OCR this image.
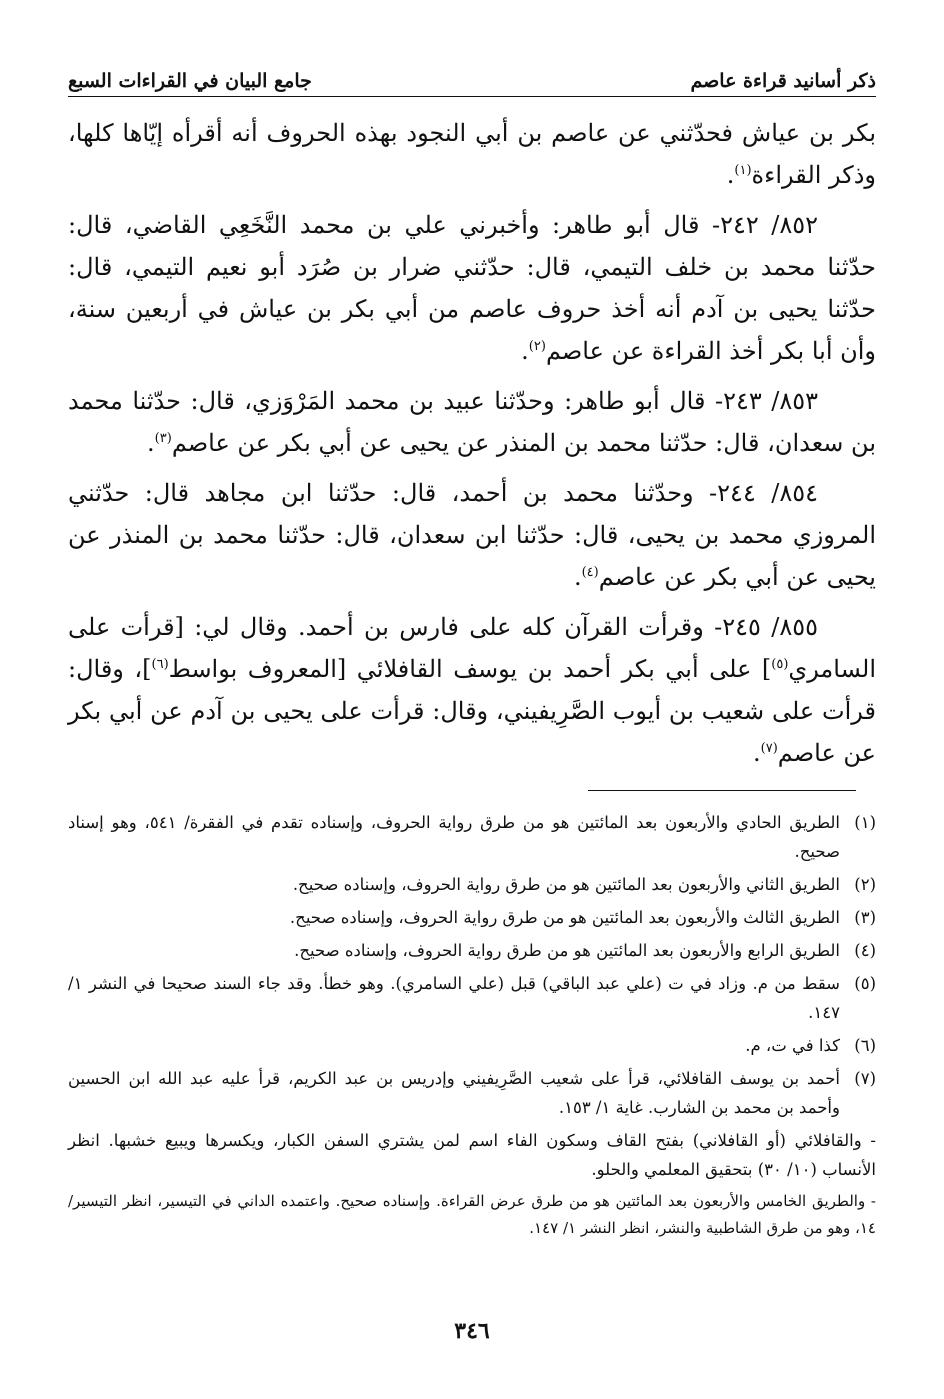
ذكر أسانيد قراءة عاصم
جامع البيان في القراءات السبع

بكر بن عياش فحدّثني عن عاصم بن أبي النجود بهذه الحروف أنه أقرأه إيّاها كلها، وذكر القراءة$^{(١)}$.

٨٥٢/ ٢٤٢- قال أبو طاهر: وأخبرني علي بن محمد النَّخَعِي القاضي، قال: حدّثنا محمد بن خلف التيمي، قال: حدّثني ضرار بن صُرَد أبو نعيم التيمي، قال: حدّثنا يحيى بن آدم أنه أخذ حروف عاصم من أبي بكر بن عياش في أربعين سنة، وأن أبا بكر أخذ القراءة عن عاصم$^{(٢)}$.

٨٥٣/ ٢٤٣- قال أبو طاهر: وحدّثنا عبيد بن محمد المَرْوَزي، قال: حدّثنا محمد بن سعدان، قال: حدّثنا محمد بن المنذر عن يحيى عن أبي بكر عن عاصم$^{(٣)}$.

٨٥٤/ ٢٤٤- وحدّثنا محمد بن أحمد، قال: حدّثنا ابن مجاهد قال: حدّثني المروزي محمد بن يحيى، قال: حدّثنا ابن سعدان، قال: حدّثنا محمد بن المنذر عن يحيى عن أبي بكر عن عاصم$^{(٤)}$.

٨٥٥/ ٢٤٥- وقرأت القرآن كله على فارس بن أحمد. وقال لي: [قرأت على السامري$^{(٥)}$] على أبي بكر أحمد بن يوسف القافلائي [المعروف بواسط$^{(٦)}$]، وقال: قرأت على شعيب بن أيوب الصَّرِيفيني، وقال: قرأت على يحيى بن آدم عن أبي بكر عن عاصم$^{(٧)}$.

(١)
الطريق الحادي والأربعون بعد المائتين هو من طرق رواية الحروف، وإسناده تقدم في الفقرة/ ٥٤١، وهو إسناد صحيح.
(٢)
الطريق الثاني والأربعون بعد المائتين هو من طرق رواية الحروف، وإسناده صحيح.
(٣)
الطريق الثالث والأربعون بعد المائتين هو من طرق رواية الحروف، وإسناده صحيح.
(٤)
الطريق الرابع والأربعون بعد المائتين هو من طرق رواية الحروف، وإسناده صحيح.
(٥)
سقط من م. وزاد في ت (علي عبد الباقي) قبل (علي السامري). وهو خطأ. وقد جاء السند صحيحا في النشر ١/ ١٤٧.
(٦)
كذا في ت، م.
(٧)
أحمد بن يوسف القافلائي، قرأ على شعيب الصَّرِيفيني وإدريس بن عبد الكريم، قرأ عليه عبد الله ابن الحسين وأحمد بن محمد بن الشارب. غاية ١/ ١٥٣.
- والقافلائي (أو القافلاني) بفتح القاف وسكون الفاء اسم لمن يشتري السفن الكبار، ويكسرها ويبيع خشبها. انظر الأنساب (١٠/ ٣٠) بتحقيق المعلمي والحلو.
- والطريق الخامس والأربعون بعد المائتين هو من طرق عرض القراءة. وإسناده صحيح. واعتمده الداني في التيسير، انظر التيسير/ ١٤، وهو من طرق الشاطبية والنشر، انظر النشر ١/ ١٤٧.
٣٤٦
